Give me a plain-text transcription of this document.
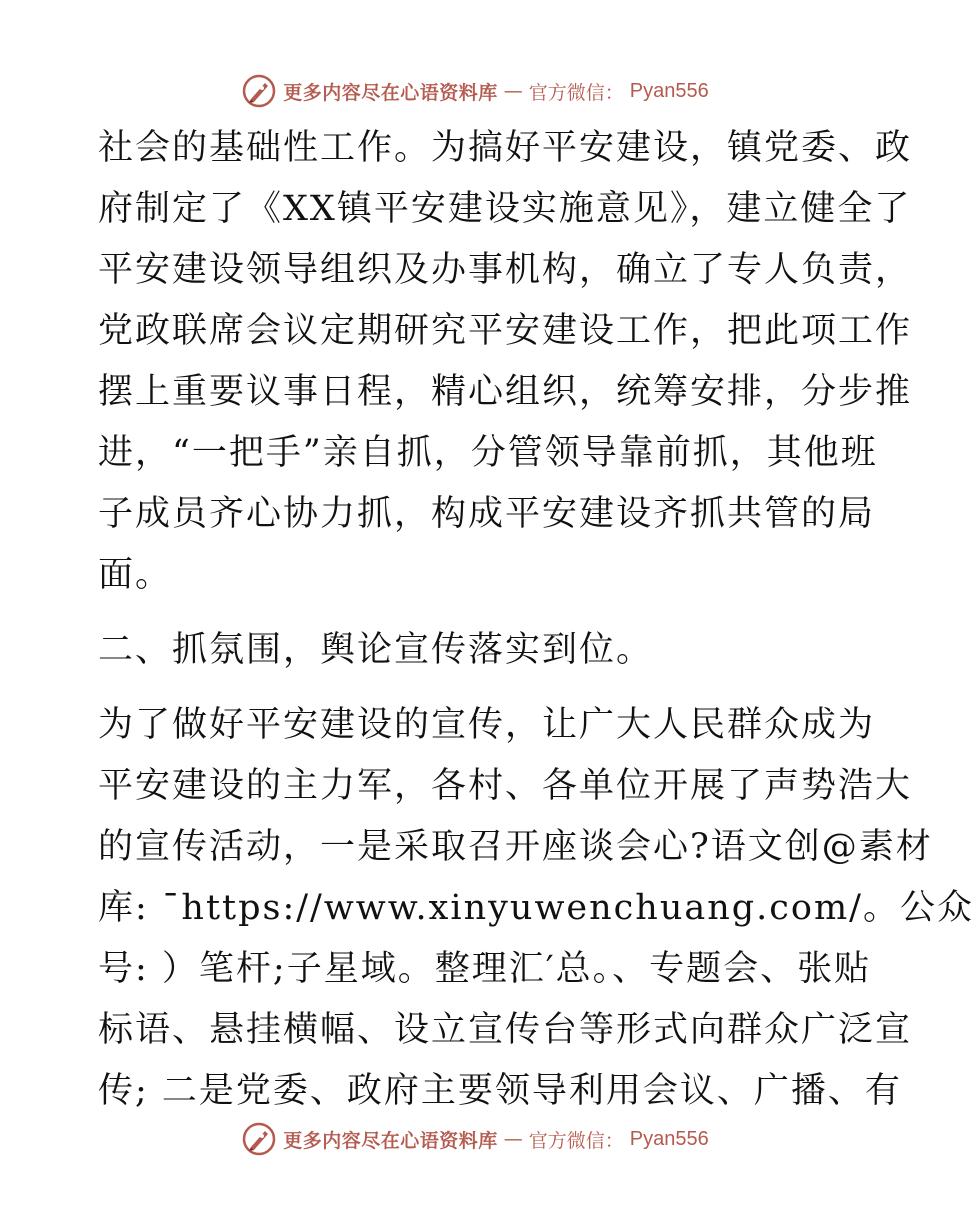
更多内容尽在心语资料库 — 官方微信： Pyan556
社会的基础性工作。为搞好平安建设，镇党委、政
府制定了《XX镇平安建设实施意见》，建立健全了
平安建设领导组织及办事机构，确立了专人负责，
党政联席会议定期研究平安建设工作，把此项工作
摆上重要议事日程，精心组织，统筹安排，分步推
进，“一把手”亲自抓，分管领导靠前抓，其他班
子成员齐心协力抓，构成平安建设齐抓共管的局
面。
二、抓氛围，舆论宣传落实到位。
为了做好平安建设的宣传，让广大人民群众成为
平安建设的主力军，各村、各单位开展了声势浩大
的宣传活动，一是采取召开座谈会心?语文创@素材
库: ¯https://www.xinyuwenchuang.com/。公众
号: ）笔杆;子星域。整理汇′总。、专题会、张贴
标语、悬挂横幅、设立宣传台等形式向群众广泛宣
传; 二是党委、政府主要领导利用会议、广播、有
更多内容尽在心语资料库 — 官方微信： Pyan556
